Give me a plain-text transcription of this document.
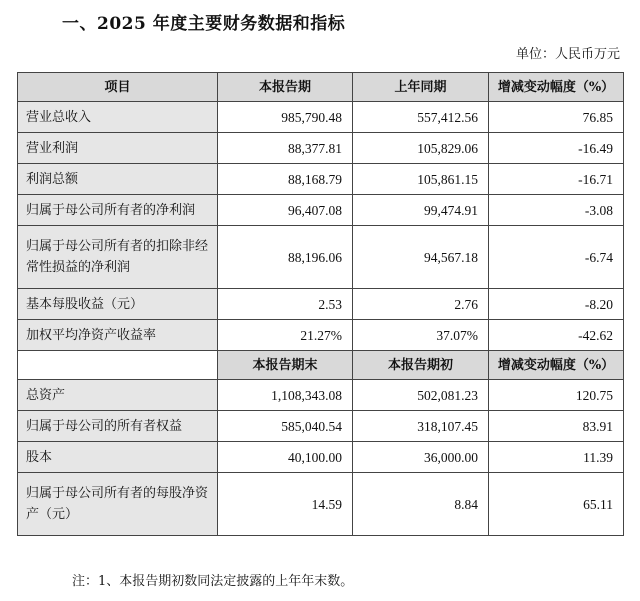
一、2025 年度主要财务数据和指标
单位：人民币万元
项目	本报告期	上年同期	增减变动幅度（%）
营业总收入	985,790.48	557,412.56	76.85
营业利润	88,377.81	105,829.06	-16.49
利润总额	88,168.79	105,861.15	-16.71
归属于母公司所有者的净利润	96,407.08	99,474.91	-3.08
归属于母公司所有者的扣除非经常性损益的净利润	88,196.06	94,567.18	-6.74
基本每股收益（元）	2.53	2.76	-8.20
加权平均净资产收益率	21.27%	37.07%	-42.62
	本报告期末	本报告期初	增减变动幅度（%）
总资产	1,108,343.08	502,081.23	120.75
归属于母公司的所有者权益	585,040.54	318,107.45	83.91
股本	40,100.00	36,000.00	11.39
归属于母公司所有者的每股净资产（元）	14.59	8.84	65.11
注：1、本报告期初数同法定披露的上年年末数。
